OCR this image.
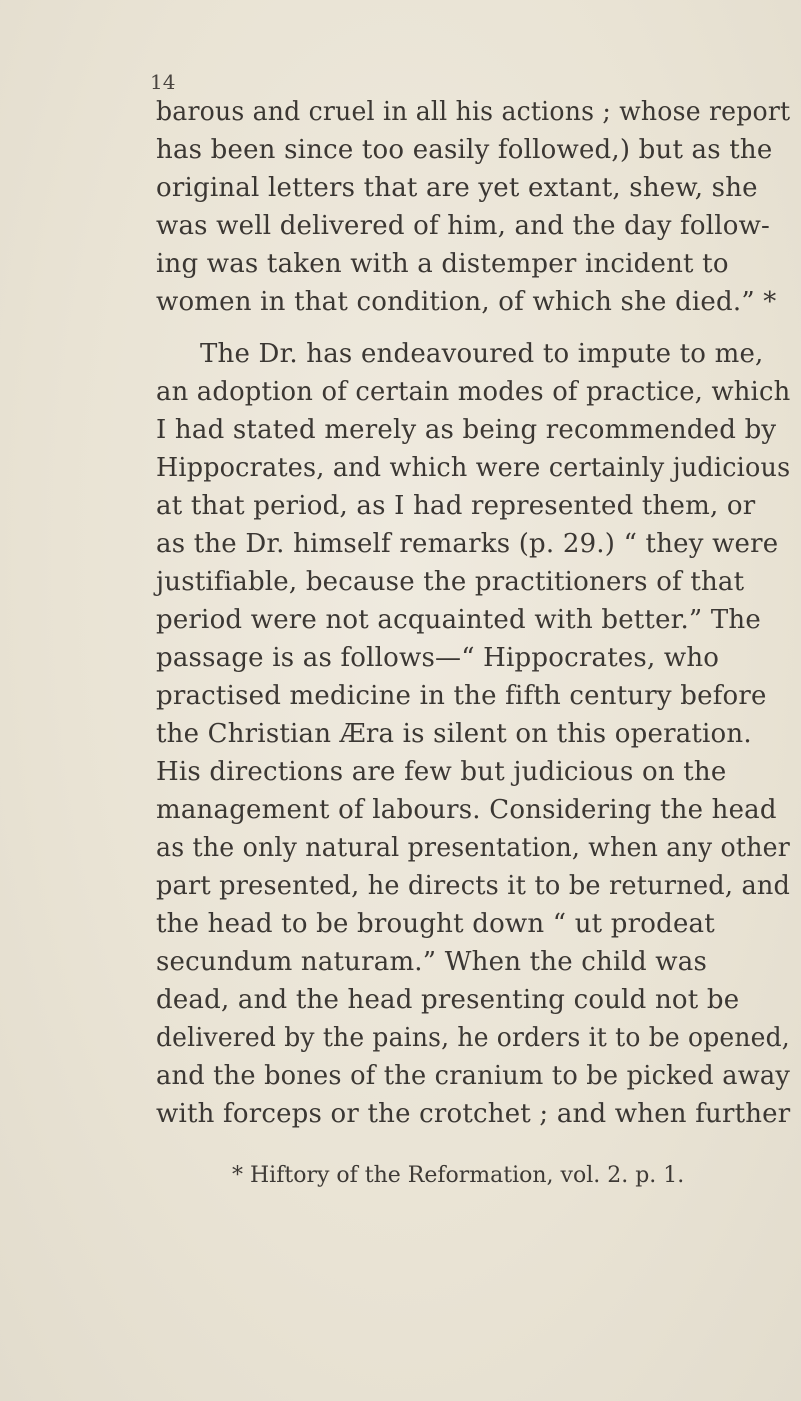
14
barous and cruel in all his actions ; whose report
has been since too easily followed,) but as the
original letters that are yet extant, shew, she
was well delivered of him, and the day follow-
ing was taken with a distemper incident to
women in that condition, of which she died.” *
The Dr. has endeavoured to impute to me,
an adoption of certain modes of practice, which
I had stated merely as being recommended by
Hippocrates, and which were certainly judicious
at that period, as I had represented them, or
as the Dr. himself remarks (p. 29.) “ they were
justifiable, because the practitioners of that
period were not acquainted with better.” The
passage is as follows—“ Hippocrates, who
practised medicine in the fifth century before
the Christian Æra is silent on this operation.
His directions are few but judicious on the
management of labours. Considering the head
as the only natural presentation, when any other
part presented, he directs it to be returned, and
the head to be brought down “ ut prodeat
secundum naturam.” When the child was
dead, and the head presenting could not be
delivered by the pains, he orders it to be opened,
and the bones of the cranium to be picked away
with forceps or the crotchet ; and when further
* Hiftory of the Reformation, vol. 2. p. 1.
